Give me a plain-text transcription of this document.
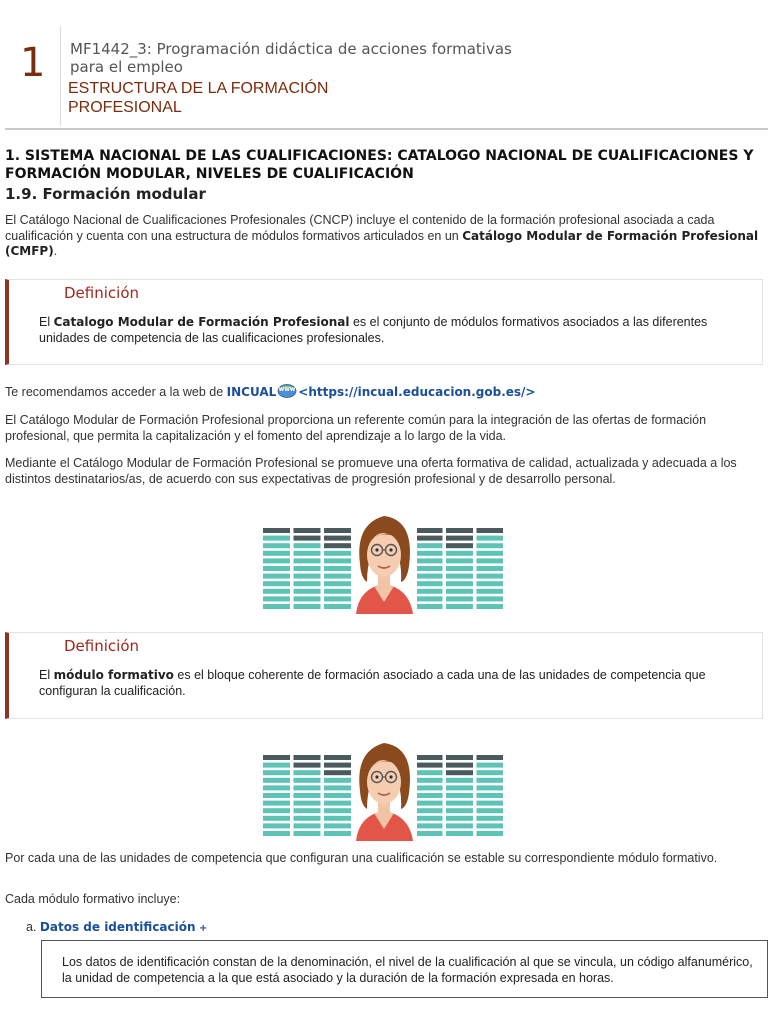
1 MF1442_3: Programación didáctica de acciones formativas para el empleo
ESTRUCTURA DE LA FORMACIÓN PROFESIONAL
1. SISTEMA NACIONAL DE LAS CUALIFICACIONES: CATALOGO NACIONAL DE CUALIFICACIONES Y FORMACIÓN MODULAR, NIVELES DE CUALIFICACIÓN
1.9. Formación modular

El Catálogo Nacional de Cualificaciones Profesionales (CNCP) incluye el contenido de la formación profesional asociada a cada cualificación y cuenta con una estructura de módulos formativos articulados en un Catálogo Modular de Formación Profesional (CMFP).

Definición
El Catalogo Modular de Formación Profesional es el conjunto de módulos formativos asociados a las diferentes unidades de competencia de las cualificaciones profesionales.

Te recomendamos acceder a la web de INCUAL www <https://incual.educacion.gob.es/>

El Catálogo Modular de Formación Profesional proporciona un referente común para la integración de las ofertas de formación profesional, que permita la capitalización y el fomento del aprendizaje a lo largo de la vida.

Mediante el Catálogo Modular de Formación Profesional se promueve una oferta formativa de calidad, actualizada y adecuada a los distintos destinatarios/as, de acuerdo con sus expectativas de progresión profesional y de desarrollo personal.

Definición
El módulo formativo es el bloque coherente de formación asociado a cada una de las unidades de competencia que configuran la cualificación.

Por cada una de las unidades de competencia que configuran una cualificación se estable su correspondiente módulo formativo.

Cada módulo formativo incluye:

a. Datos de identificación +

Los datos de identificación constan de la denominación, el nivel de la cualificación al que se vincula, un código alfanumérico, la unidad de competencia a la que está asociado y la duración de la formación expresada en horas.
